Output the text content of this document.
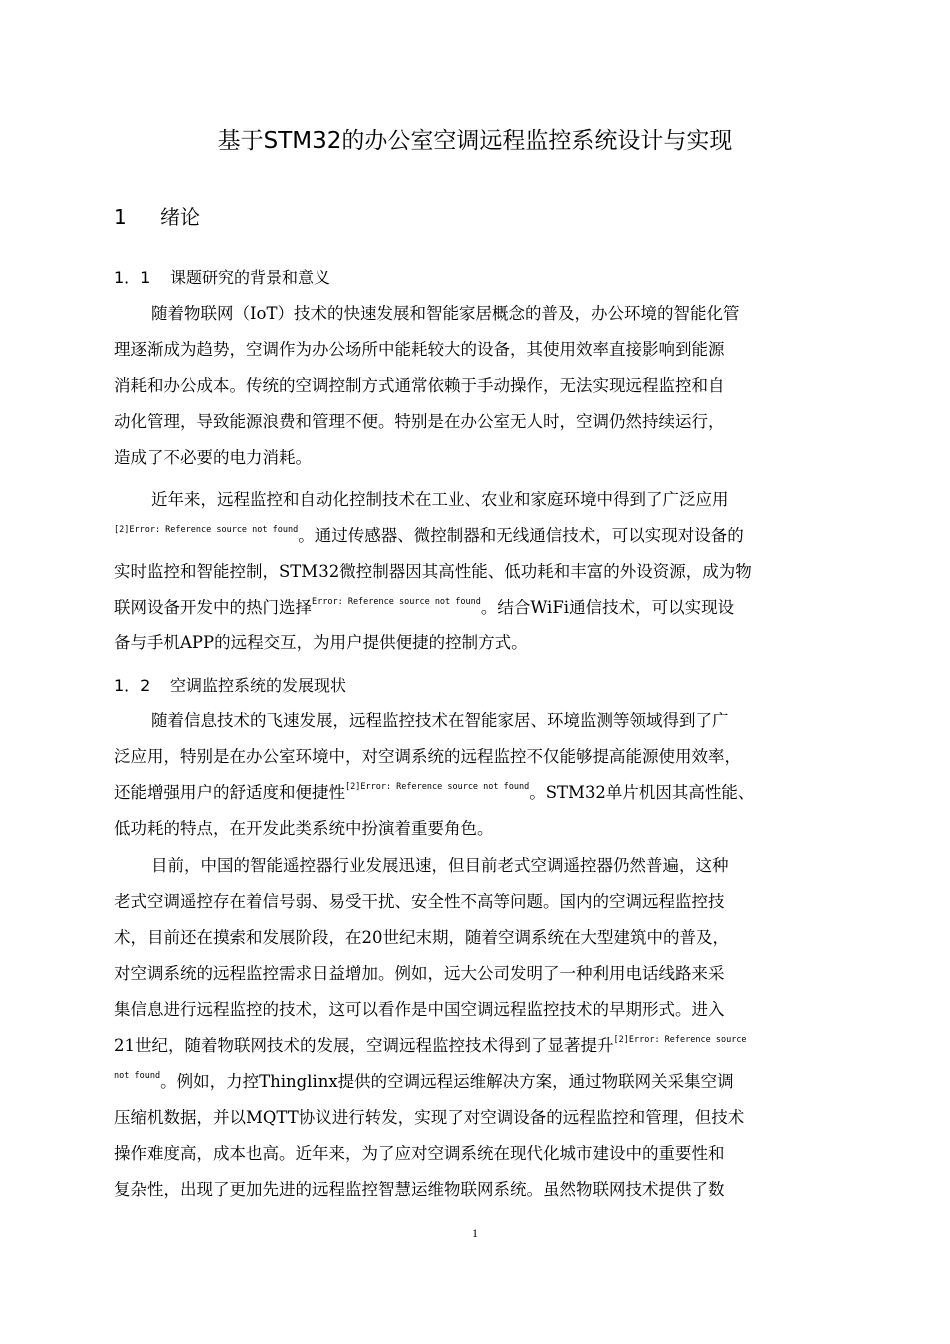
基于STM32的办公室空调远程监控系统设计与实现
1 绪论
1．1 课题研究的背景和意义
随着物联网（IoT）技术的快速发展和智能家居概念的普及，办公环境的智能化管
理逐渐成为趋势，空调作为办公场所中能耗较大的设备，其使用效率直接影响到能源
消耗和办公成本。传统的空调控制方式通常依赖于手动操作，无法实现远程监控和自
动化管理，导致能源浪费和管理不便。特别是在办公室无人时，空调仍然持续运行，
造成了不必要的电力消耗。
近年来，远程监控和自动化控制技术在工业、农业和家庭环境中得到了广泛应用
$^{[2]Error: Reference source not found}$。通过传感器、微控制器和无线通信技术，可以实现对设备的
实时监控和智能控制，STM32微控制器因其高性能、低功耗和丰富的外设资源，成为物
联网设备开发中的热门选择$^{Error: Reference source not found}$。结合WiFi通信技术，可以实现设
备与手机APP的远程交互，为用户提供便捷的控制方式。
1．2 空调监控系统的发展现状
随着信息技术的飞速发展，远程监控技术在智能家居、环境监测等领域得到了广
泛应用，特别是在办公室环境中，对空调系统的远程监控不仅能够提高能源使用效率，
还能增强用户的舒适度和便捷性$^{[2]Error: Reference source not found}$。STM32单片机因其高性能、
低功耗的特点，在开发此类系统中扮演着重要角色。
目前，中国的智能遥控器行业发展迅速，但目前老式空调遥控器仍然普遍，这种
老式空调遥控存在着信号弱、易受干扰、安全性不高等问题。国内的空调远程监控技
术，目前还在摸索和发展阶段，在20世纪末期，随着空调系统在大型建筑中的普及，
对空调系统的远程监控需求日益增加。例如，远大公司发明了一种利用电话线路来采
集信息进行远程监控的技术，这可以看作是中国空调远程监控技术的早期形式。进入
21世纪，随着物联网技术的发展，空调远程监控技术得到了显著提升$^{[2]Error: Reference source}$
$^{not found}$。例如，力控Thinglinx提供的空调远程运维解决方案，通过物联网关采集空调
压缩机数据，并以MQTT协议进行转发，实现了对空调设备的远程监控和管理，但技术
操作难度高，成本也高。近年来，为了应对空调系统在现代化城市建设中的重要性和
复杂性，出现了更加先进的远程监控智慧运维物联网系统。虽然物联网技术提供了数
1
